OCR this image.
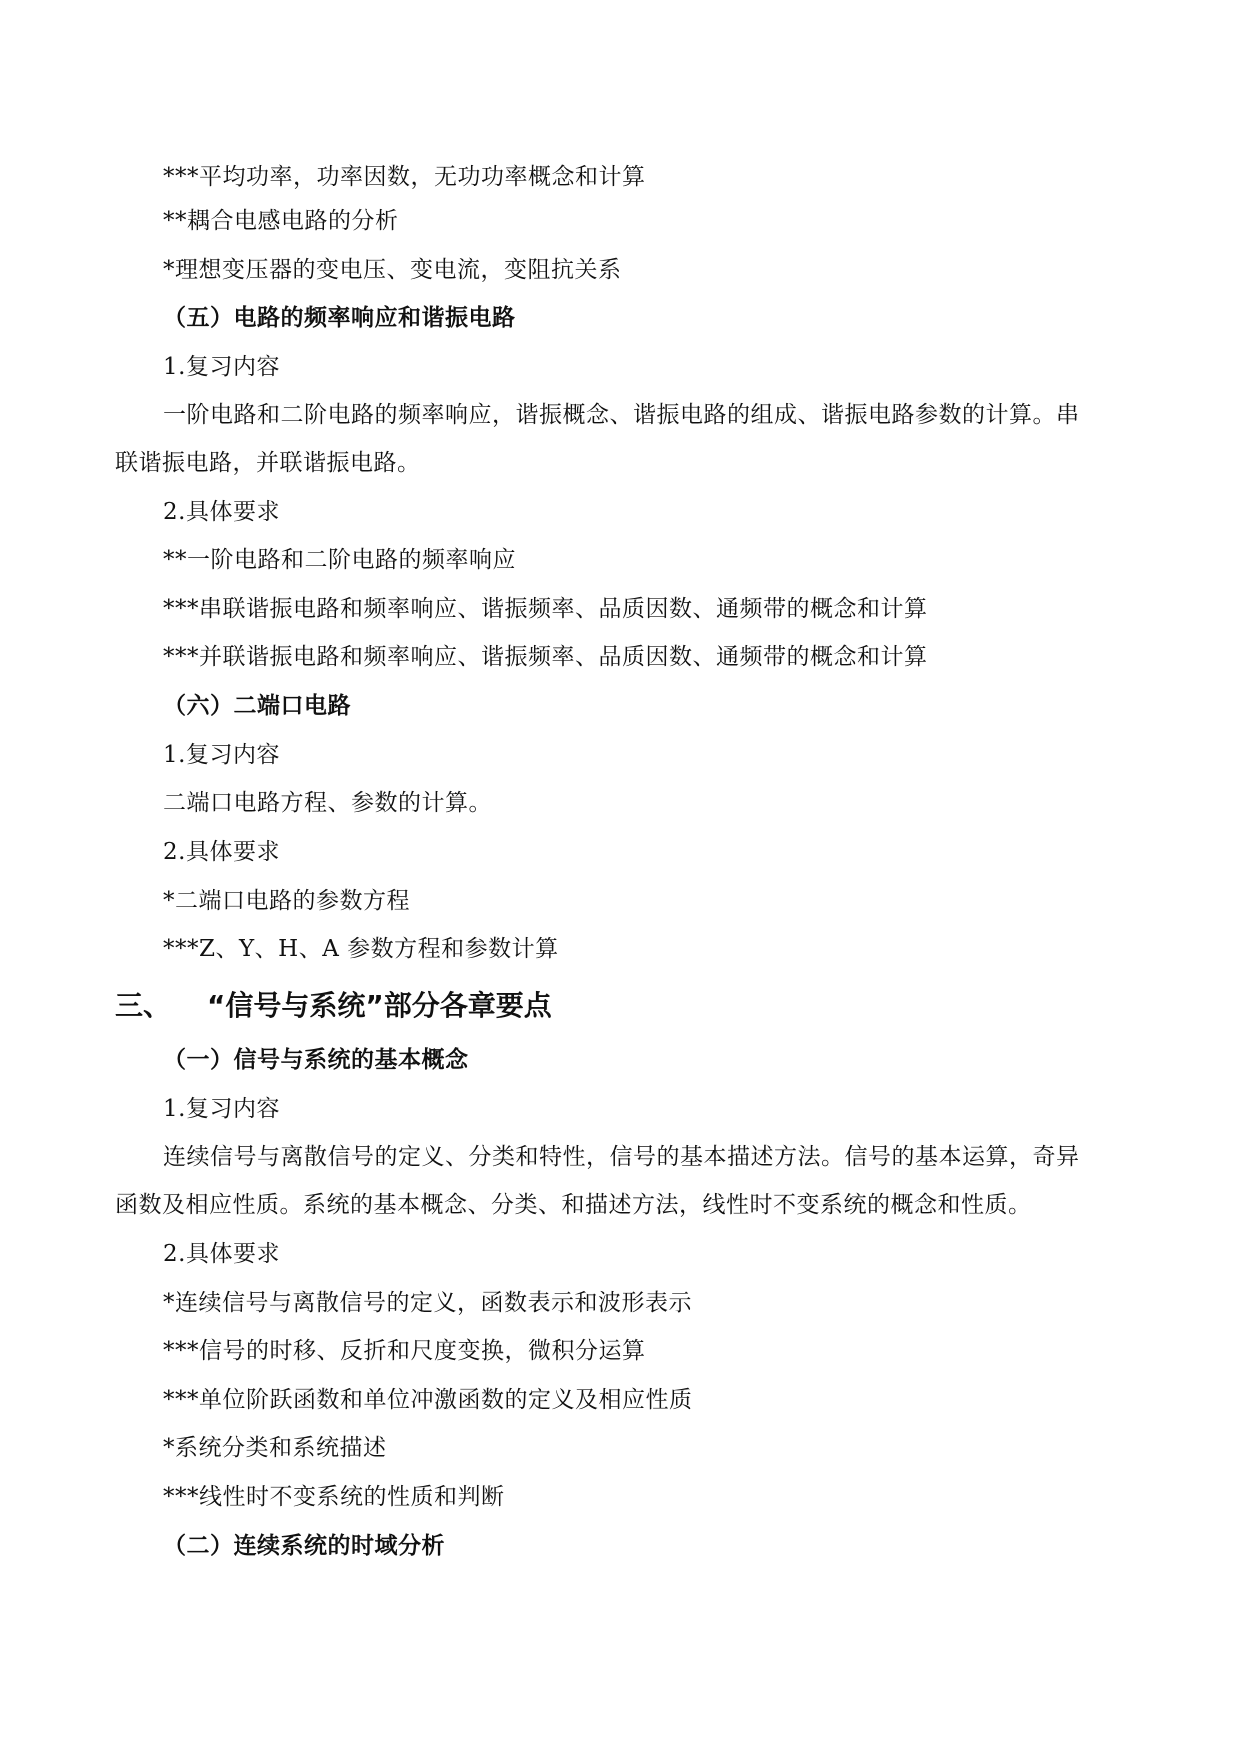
***平均功率，功率因数，无功功率概念和计算
**耦合电感电路的分析
*理想变压器的变电压、变电流，变阻抗关系
（五）电路的频率响应和谐振电路
1.复习内容
一阶电路和二阶电路的频率响应，谐振概念、谐振电路的组成、谐振电路参数的计算。串
联谐振电路，并联谐振电路。
2.具体要求
**一阶电路和二阶电路的频率响应
***串联谐振电路和频率响应、谐振频率、品质因数、通频带的概念和计算
***并联谐振电路和频率响应、谐振频率、品质因数、通频带的概念和计算
（六）二端口电路
1.复习内容
二端口电路方程、参数的计算。
2.具体要求
*二端口电路的参数方程
***Z、Y、H、A 参数方程和参数计算
三、 “信号与系统”部分各章要点
（一）信号与系统的基本概念
1.复习内容
连续信号与离散信号的定义、分类和特性，信号的基本描述方法。信号的基本运算，奇异
函数及相应性质。系统的基本概念、分类、和描述方法，线性时不变系统的概念和性质。
2.具体要求
*连续信号与离散信号的定义，函数表示和波形表示
***信号的时移、反折和尺度变换，微积分运算
***单位阶跃函数和单位冲激函数的定义及相应性质
*系统分类和系统描述
***线性时不变系统的性质和判断
（二）连续系统的时域分析
